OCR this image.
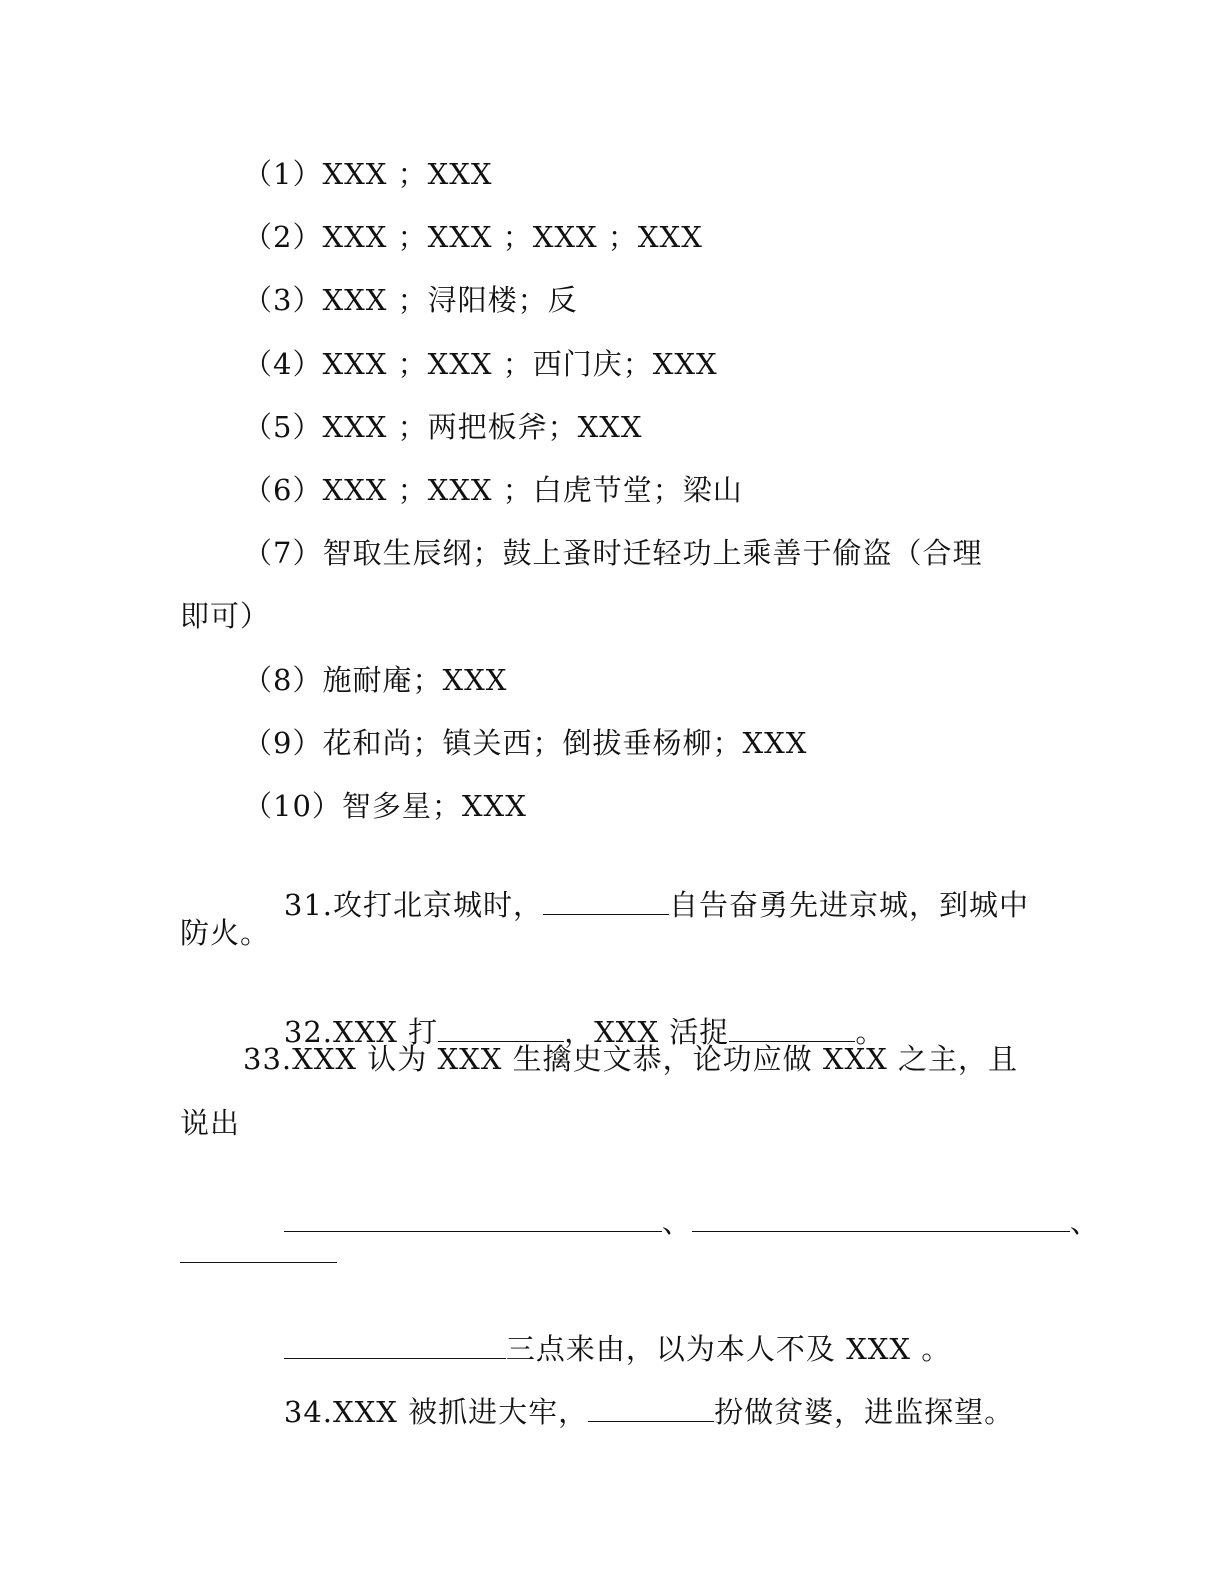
（1）XXX ；XXX
（2）XXX ；XXX ；XXX ；XXX
（3）XXX ；浔阳楼；反
（4）XXX ；XXX ；西门庆；XXX
（5）XXX ；两把板斧；XXX
（6）XXX ；XXX ；白虎节堂；梁山
（7）智取生辰纲；鼓上蚤时迁轻功上乘善于偷盗（合理
即可）
（8）施耐庵；XXX
（9）花和尚；镇关西；倒拔垂杨柳；XXX
（10）智多星；XXX

31.攻打北京城时，	自告奋勇先进京城，到城中

防火。

32.XXX 打	，XXX 活捉	。

33.XXX 认为 XXX 生擒史文恭，论功应做 XXX 之主，且
说出

、	、

三点来由，以为本人不及 XXX 。

34.XXX 被抓进大牢，	扮做贫婆，进监探望。
